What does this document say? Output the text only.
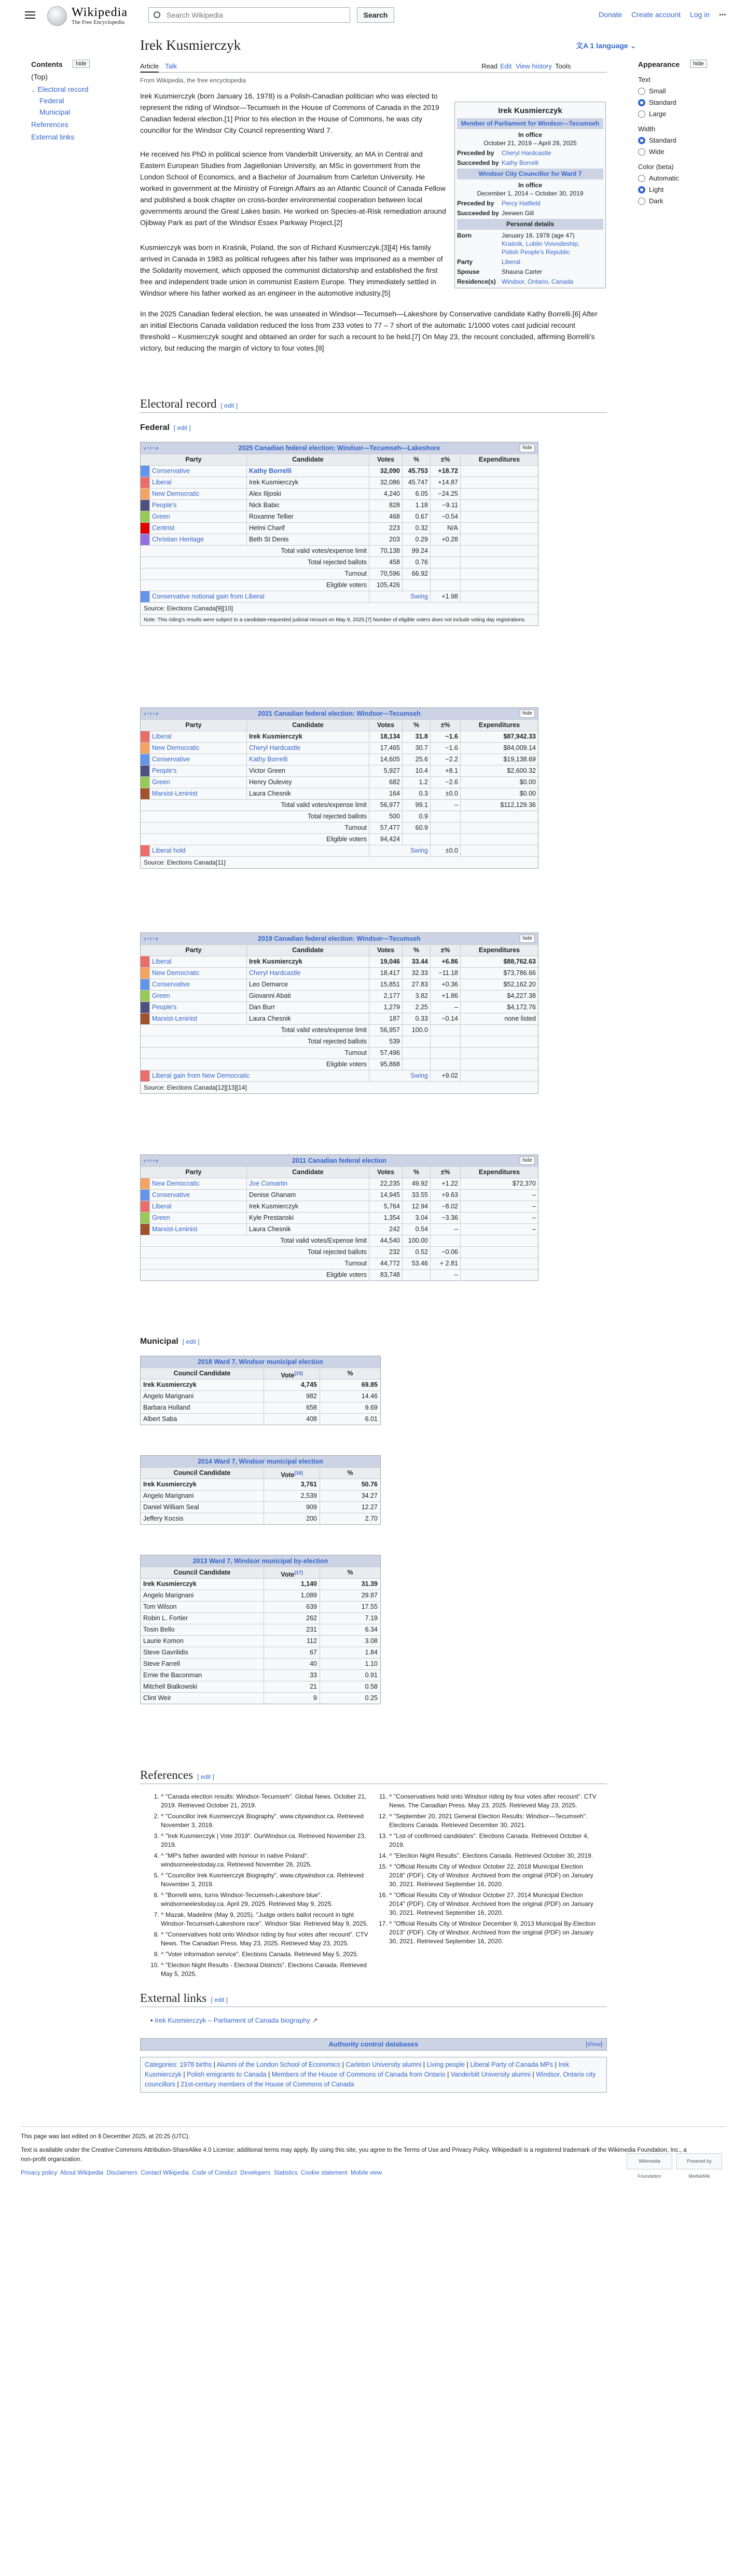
Wikipedia
The Free Encyclopedia
Search Wikipedia
Search	Donate Create account Log in ⋯
Contents	hide
(Top)
⌄ Electoral record
Federal
Municipal
References
External links
Irek Kusmierczyk	文A 1 language ⌄
Article Talk	Read Edit View history Tools
From Wikipedia, the free encyclopedia
Appearance	hide
Text
Small
Standard
Large
Width
Standard
Wide
Color (beta)
Automatic
Light
Dark
Irek Kusmierczyk (born January 16, 1978) is a Polish-Canadian politician who was elected to represent the riding of Windsor—Tecumseh in the House of Commons of Canada in the 2019 Canadian federal election.[1] Prior to his election in the House of Commons, he was city councillor for the Windsor City Council representing Ward 7.
He received his PhD in political science from Vanderbilt University, an MA in Central and Eastern European Studies from Jagiellonian University, an MSc in government from the London School of Economics, and a Bachelor of Journalism from Carleton University. He worked in government at the Ministry of Foreign Affairs as an Atlantic Council of Canada Fellow and published a book chapter on cross-border environmental cooperation between local governments around the Great Lakes basin. He worked on Species-at-Risk remediation around Ojibway Park as part of the Windsor Essex Parkway Project.[2]
Kusmierczyk was born in Kraśnik, Poland, the son of Richard Kusmierczyk.[3][4] His family arrived in Canada in 1983 as political refugees after his father was imprisoned as a member of the Solidarity movement, which opposed the communist dictatorship and established the first free and independent trade union in communist Eastern Europe. They immediately settled in Windsor where his father worked as an engineer in the automotive industry.[5]
In the 2025 Canadian federal election, he was unseated in Windsor—Tecumseh—Lakeshore by Conservative candidate Kathy Borrelli.[6] After an initial Elections Canada validation reduced the loss from 233 votes to 77 – 7 short of the automatic 1/1000 votes cast judicial recount threshold – Kusmierczyk sought and obtained an order for such a recount to be held.[7] On May 23, the recount concluded, affirming Borrelli's victory, but reducing the margin of victory to four votes.[8]
Irek Kusmierczyk
Member of Parliament for Windsor—Tecumseh
In office
October 21, 2019 – April 28, 2025
Preceded by	Cheryl Hardcastle
Succeeded by Kathy Borrelli
Windsor City Councillor for Ward 7
In office
December 1, 2014 – October 30, 2019
Preceded by	Percy Hatfield
Succeeded by Jeewen Gill
Personal details
Born	January 16, 1978 (age 47)
Kraśnik, Lublin Voivodeship,
Polish People's Republic
Party	Liberal
Spouse	Shauna Carter
Residence(s) Windsor, Ontario, Canada
Electoral record [ edit ]
Federal [ edit ]
v • t • e	2025 Canadian federal election: Windsor—Tecumseh—Lakeshore	hide
Party	Candidate	Votes	%	±%	Expenditures
Conservative	Kathy Borrelli	32,090	45.753	+18.72
Liberal	Irek Kusmierczyk	32,086	45.747	+14.87
New Democratic	Alex Ilijoski	4,240	6.05	−24.25
People's	Nick Babic	828	1.18	−9.11
Green	Roxanne Tellier	468	0.67	−0.54
Centrist	Helmi Charif	223	0.32	N/A
Christian Heritage	Beth St Denis	203	0.29	+0.28
Total valid votes/expense limit	70,138	99.24
Total rejected ballots	458	0.76
Turnout	70,596	66.92
Eligible voters	105,426
Conservative notional gain from Liberal	Swing	+1.98
Source: Elections Canada[9][10]
Note: This riding's results were subject to a candidate-requested judicial recount on May 9, 2025.[7] Number of eligible voters does not include voting day registrations.
v • t • e	2021 Canadian federal election: Windsor—Tecumseh	hide
Party	Candidate	Votes	%	±%	Expenditures
Liberal	Irek Kusmierczyk	18,134	31.8	−1.6	$87,942.33
New Democratic	Cheryl Hardcastle	17,465	30.7	−1.6	$84,009.14
Conservative	Kathy Borrelli	14,605	25.6	−2.2	$19,138.69
People's	Victor Green	5,927	10.4	+8.1	$2,600.32
Green	Henry Oulevey	682	1.2	−2.6	$0.00
Marxist-Leninist	Laura Chesnik	164	0.3	±0.0	$0.00
Total valid votes/expense limit	56,977	99.1	–	$112,129.36
Total rejected ballots	500	0.9
Turnout	57,477	60.9
Eligible voters	94,424
Liberal hold	Swing	±0.0
Source: Elections Canada[11]
v • t • e	2019 Canadian federal election: Windsor—Tecumseh	hide
Party	Candidate	Votes	%	±%	Expenditures
Liberal	Irek Kusmierczyk	19,046	33.44	+6.86	$88,762.63
New Democratic	Cheryl Hardcastle	18,417	32.33	−11.18	$73,786.66
Conservative	Leo Demarce	15,851	27.83	+0.36	$52,162.20
Green	Giovanni Abati	2,177	3.82	+1.86	$4,227.38
People's	Dan Burr	1,279	2.25	–	$4,172.76
Marxist-Leninist	Laura Chesnik	187	0.33	−0.14	none listed
Total valid votes/expense limit	56,957	100.0
Total rejected ballots	539
Turnout	57,496
Eligible voters	95,868
Liberal gain from New Democratic	Swing	+9.02
Source: Elections Canada[12][13][14]
v • t • e	2011 Canadian federal election	hide
Party	Candidate	Votes	%	±%	Expenditures
New Democratic	Joe Comartin	22,235	49.92	+1.22	$72,370
Conservative	Denise Ghanam	14,945	33.55	+9.63	–
Liberal	Irek Kusmierczyk	5,764	12.94	−8.02	–
Green	Kyle Prestanski	1,354	3.04	−3.36	–
Marxist-Leninist	Laura Chesnik	242	0.54	–	–
Total valid votes/Expense limit	44,540	100.00
Total rejected ballots	232	0.52	−0.06
Turnout	44,772	53.46	+ 2.81
Eligible voters	83,748	–
Municipal [ edit ]
2018 Ward 7, Windsor municipal election
Council Candidate	Vote[15]	%
Irek Kusmierczyk	4,745	69.85
Angelo Marignani	982	14.46
Barbara Holland	658	9.69
Albert Saba	408	6.01
2014 Ward 7, Windsor municipal election
Council Candidate	Vote[16]	%
Irek Kusmierczyk	3,761	50.76
Angelo Marignani	2,539	34.27
Daniel William Seal	909	12.27
Jeffery Kocsis	200	2.70
2013 Ward 7, Windsor municipal by-election
Council Candidate	Vote[17]	%
Irek Kusmierczyk	1,140	31.39
Angelo Marignani	1,089	29.87
Tom Wilson	639	17.55
Robin L. Fortier	262	7.19
Tosin Bello	231	6.34
Laurie Komon	112	3.08
Steve Gavrilidis	67	1.84
Steve Farrell	40	1.10
Ernie the Baconman	33	0.91
Mitchell Bialkowski	21	0.58
Clint Weir	9	0.25
References [ edit ]
1. ^ "Canada election results: Windsor-Tecumseh". Global News. October 21, 2019. Retrieved October 21, 2019.
2. ^ "Councillor Irek Kusmierczyk Biography". www.citywindsor.ca. Retrieved November 3, 2019.
3. ^ "Irek Kusmierczyk | Vote 2019". OurWindsor.ca. Retrieved November 23, 2019.
4. ^ "MP's father awarded with honour in native Poland". windsorneelestoday.ca. Retrieved November 26, 2025.
5. ^ "Councillor Irek Kusmierczyk Biography". www.citywindsor.ca. Retrieved November 3, 2019.
6. ^ "Borrelli wins, turns Windsor-Tecumseh-Lakeshore blue". windsorneelestoday.ca. April 29, 2025. Retrieved May 9, 2025.
7. ^ Mazak, Madeline (May 9, 2025). "Judge orders ballot recount in tight Windsor-Tecumseh-Lakeshore race". Windsor Star. Retrieved May 9, 2025.
8. ^ "Conservatives hold onto Windsor riding by four votes after recount". CTV News. The Canadian Press. May 23, 2025. Retrieved May 23, 2025.
9. ^ "Voter information service". Elections Canada. Retrieved May 5, 2025.
10. ^ "Election Night Results - Electoral Districts". Elections Canada. Retrieved May 5, 2025.
11. ^ "Conservatives hold onto Windsor riding by four votes after recount". CTV News. The Canadian Press. May 23, 2025. Retrieved May 23, 2025.
12. ^ "September 20, 2021 General Election Results: Windsor—Tecumseh". Elections Canada. Retrieved December 30, 2021.
13. ^ "List of confirmed candidates". Elections Canada. Retrieved October 4, 2019.
14. ^ "Election Night Results". Elections Canada. Retrieved October 30, 2019.
15. ^ "Official Results City of Windsor October 22, 2018 Municipal Election 2018" (PDF). City of Windsor. Archived from the original (PDF) on January 30, 2021. Retrieved September 16, 2020.
16. ^ "Official Results City of Windsor October 27, 2014 Municipal Election 2014" (PDF). City of Windsor. Archived from the original (PDF) on January 30, 2021. Retrieved September 16, 2020.
17. ^ "Official Results City of Windsor December 9, 2013 Municipal By-Election 2013" (PDF). City of Windsor. Archived from the original (PDF) on January 30, 2021. Retrieved September 16, 2020.
External links [ edit ]
• Irek Kusmierczyk – Parliament of Canada biography ↗
Authority control databases	[show]
Categories: 1978 births | Alumni of the London School of Economics | Carleton University alumni | Living people | Liberal Party of Canada MPs | Irek Kusmierczyk | Polish emigrants to Canada | Members of the House of Commons of Canada from Ontario | Vanderbilt University alumni | Windsor, Ontario city councillors | 21st-century members of the House of Commons of Canada
This page was last edited on 8 December 2025, at 20:25 (UTC).
Text is available under the Creative Commons Attribution-ShareAlike 4.0 License; additional terms may apply. By using this site, you agree to the Terms of Use and Privacy Policy. Wikipedia® is a registered trademark of the Wikimedia Foundation, Inc., a non-profit organization.
Privacy policy  About Wikipedia  Disclaimers  Contact Wikipedia  Code of Conduct  Developers  Statistics  Cookie statement  Mobile view
Wikimedia Foundation
Powered by MediaWiki
